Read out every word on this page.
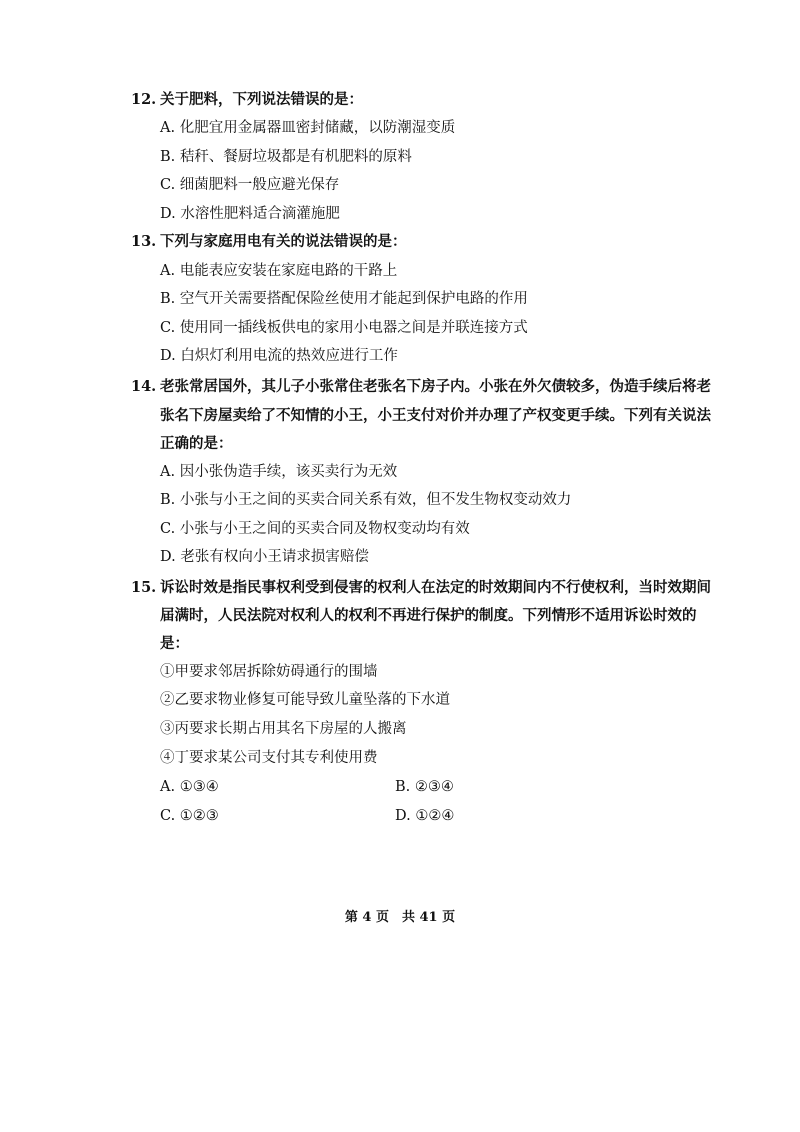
12. 关于肥料，下列说法错误的是：
A. 化肥宜用金属器皿密封储藏，以防潮湿变质
B. 秸秆、餐厨垃圾都是有机肥料的原料
C. 细菌肥料一般应避光保存
D. 水溶性肥料适合滴灌施肥
13. 下列与家庭用电有关的说法错误的是：
A. 电能表应安装在家庭电路的干路上
B. 空气开关需要搭配保险丝使用才能起到保护电路的作用
C. 使用同一插线板供电的家用小电器之间是并联连接方式
D. 白炽灯利用电流的热效应进行工作
14. 老张常居国外，其儿子小张常住老张名下房子内。小张在外欠债较多，伪造手续后将老
张名下房屋卖给了不知情的小王，小王支付对价并办理了产权变更手续。下列有关说法
正确的是：
A. 因小张伪造手续，该买卖行为无效
B. 小张与小王之间的买卖合同关系有效，但不发生物权变动效力
C. 小张与小王之间的买卖合同及物权变动均有效
D. 老张有权向小王请求损害赔偿
15. 诉讼时效是指民事权利受到侵害的权利人在法定的时效期间内不行使权利，当时效期间
届满时，人民法院对权利人的权利不再进行保护的制度。下列情形不适用诉讼时效的
是：
①甲要求邻居拆除妨碍通行的围墙
②乙要求物业修复可能导致儿童坠落的下水道
③丙要求长期占用其名下房屋的人搬离
④丁要求某公司支付其专利使用费
A. ①③④	B. ②③④
C. ①②③	D. ①②④
第 4 页　共 41 页
